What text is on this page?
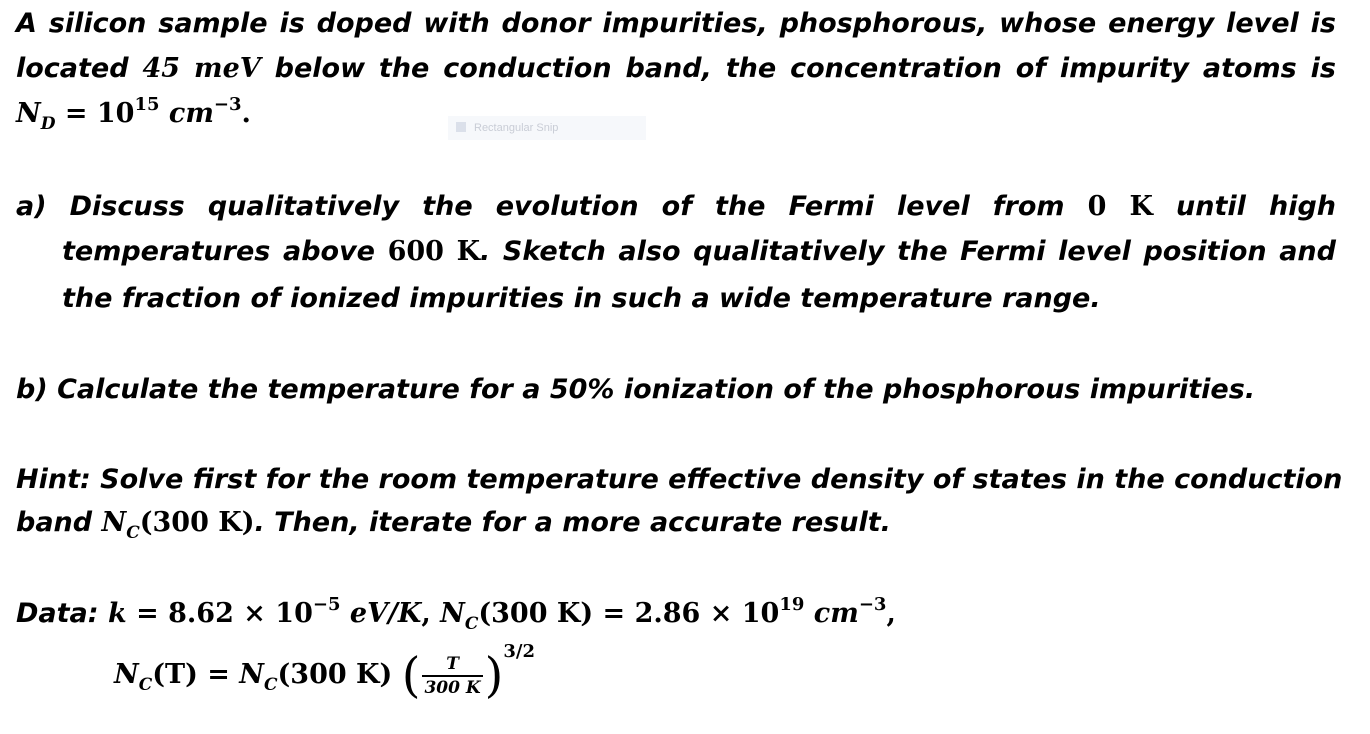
A silicon sample is doped with donor impurities, phosphorous, whose energy level is
located 45 meV below the conduction band, the concentration of impurity atoms is
$N_D = 10^{15}$ $cm^{-3}$.	Rectangular Snip
a) Discuss qualitatively the evolution of the Fermi level from 0 K until high
temperatures above 600 K. Sketch also qualitatively the Fermi level position and
the fraction of ionized impurities in such a wide temperature range.
b) Calculate the temperature for a 50% ionization of the phosphorous impurities.
Hint: Solve first for the room temperature effective density of states in the conduction
band $N_C(300$ K). Then, iterate for a more accurate result.
Data: $k = 8.62 \times 10^{-5}$ eV/K, $N_C(300$ $K) = 2.86 \times 10^{19}$ $cm^{-3}$,
$N_C(T) = N_C(300$ K) ( $\frac{T}{300 K} )^{3/2}$
